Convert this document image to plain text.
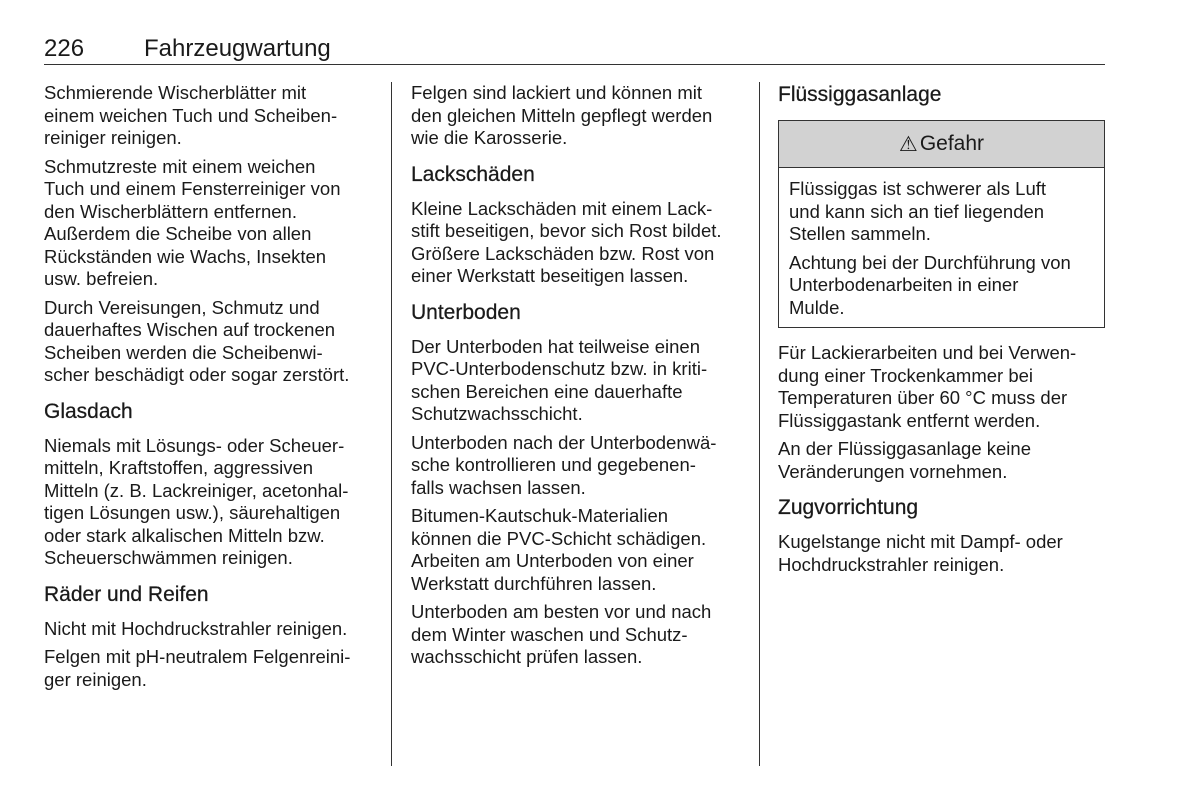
226 Fahrzeugwartung

Schmierende Wischerblätter mit
einem weichen Tuch und Scheiben-
reiniger reinigen.

Schmutzreste mit einem weichen
Tuch und einem Fensterreiniger von
den Wischerblättern entfernen.
Außerdem die Scheibe von allen
Rückständen wie Wachs, Insekten
usw. befreien.

Durch Vereisungen, Schmutz und
dauerhaftes Wischen auf trockenen
Scheiben werden die Scheibenwi-
scher beschädigt oder sogar zerstört.

Glasdach

Niemals mit Lösungs- oder Scheuer-
mitteln, Kraftstoffen, aggressiven
Mitteln (z. B. Lackreiniger, acetonhal-
tigen Lösungen usw.), säurehaltigen
oder stark alkalischen Mitteln bzw.
Scheuerschwämmen reinigen.

Räder und Reifen

Nicht mit Hochdruckstrahler reinigen.

Felgen mit pH-neutralem Felgenreini-
ger reinigen.

Felgen sind lackiert und können mit
den gleichen Mitteln gepflegt werden
wie die Karosserie.

Lackschäden

Kleine Lackschäden mit einem Lack-
stift beseitigen, bevor sich Rost bildet.
Größere Lackschäden bzw. Rost von
einer Werkstatt beseitigen lassen.

Unterboden

Der Unterboden hat teilweise einen
PVC-Unterbodenschutz bzw. in kriti-
schen Bereichen eine dauerhafte
Schutzwachsschicht.

Unterboden nach der Unterbodenwä-
sche kontrollieren und gegebenen-
falls wachsen lassen.

Bitumen-Kautschuk-Materialien
können die PVC-Schicht schädigen.
Arbeiten am Unterboden von einer
Werkstatt durchführen lassen.

Unterboden am besten vor und nach
dem Winter waschen und Schutz-
wachsschicht prüfen lassen.

Flüssiggasanlage
⚠ Gefahr

Flüssiggas ist schwerer als Luft
und kann sich an tief liegenden
Stellen sammeln.

Achtung bei der Durchführung von
Unterbodenarbeiten in einer
Mulde.

Für Lackierarbeiten und bei Verwen-
dung einer Trockenkammer bei
Temperaturen über 60 °C muss der
Flüssiggastank entfernt werden.

An der Flüssiggasanlage keine
Veränderungen vornehmen.

Zugvorrichtung

Kugelstange nicht mit Dampf- oder
Hochdruckstrahler reinigen.
